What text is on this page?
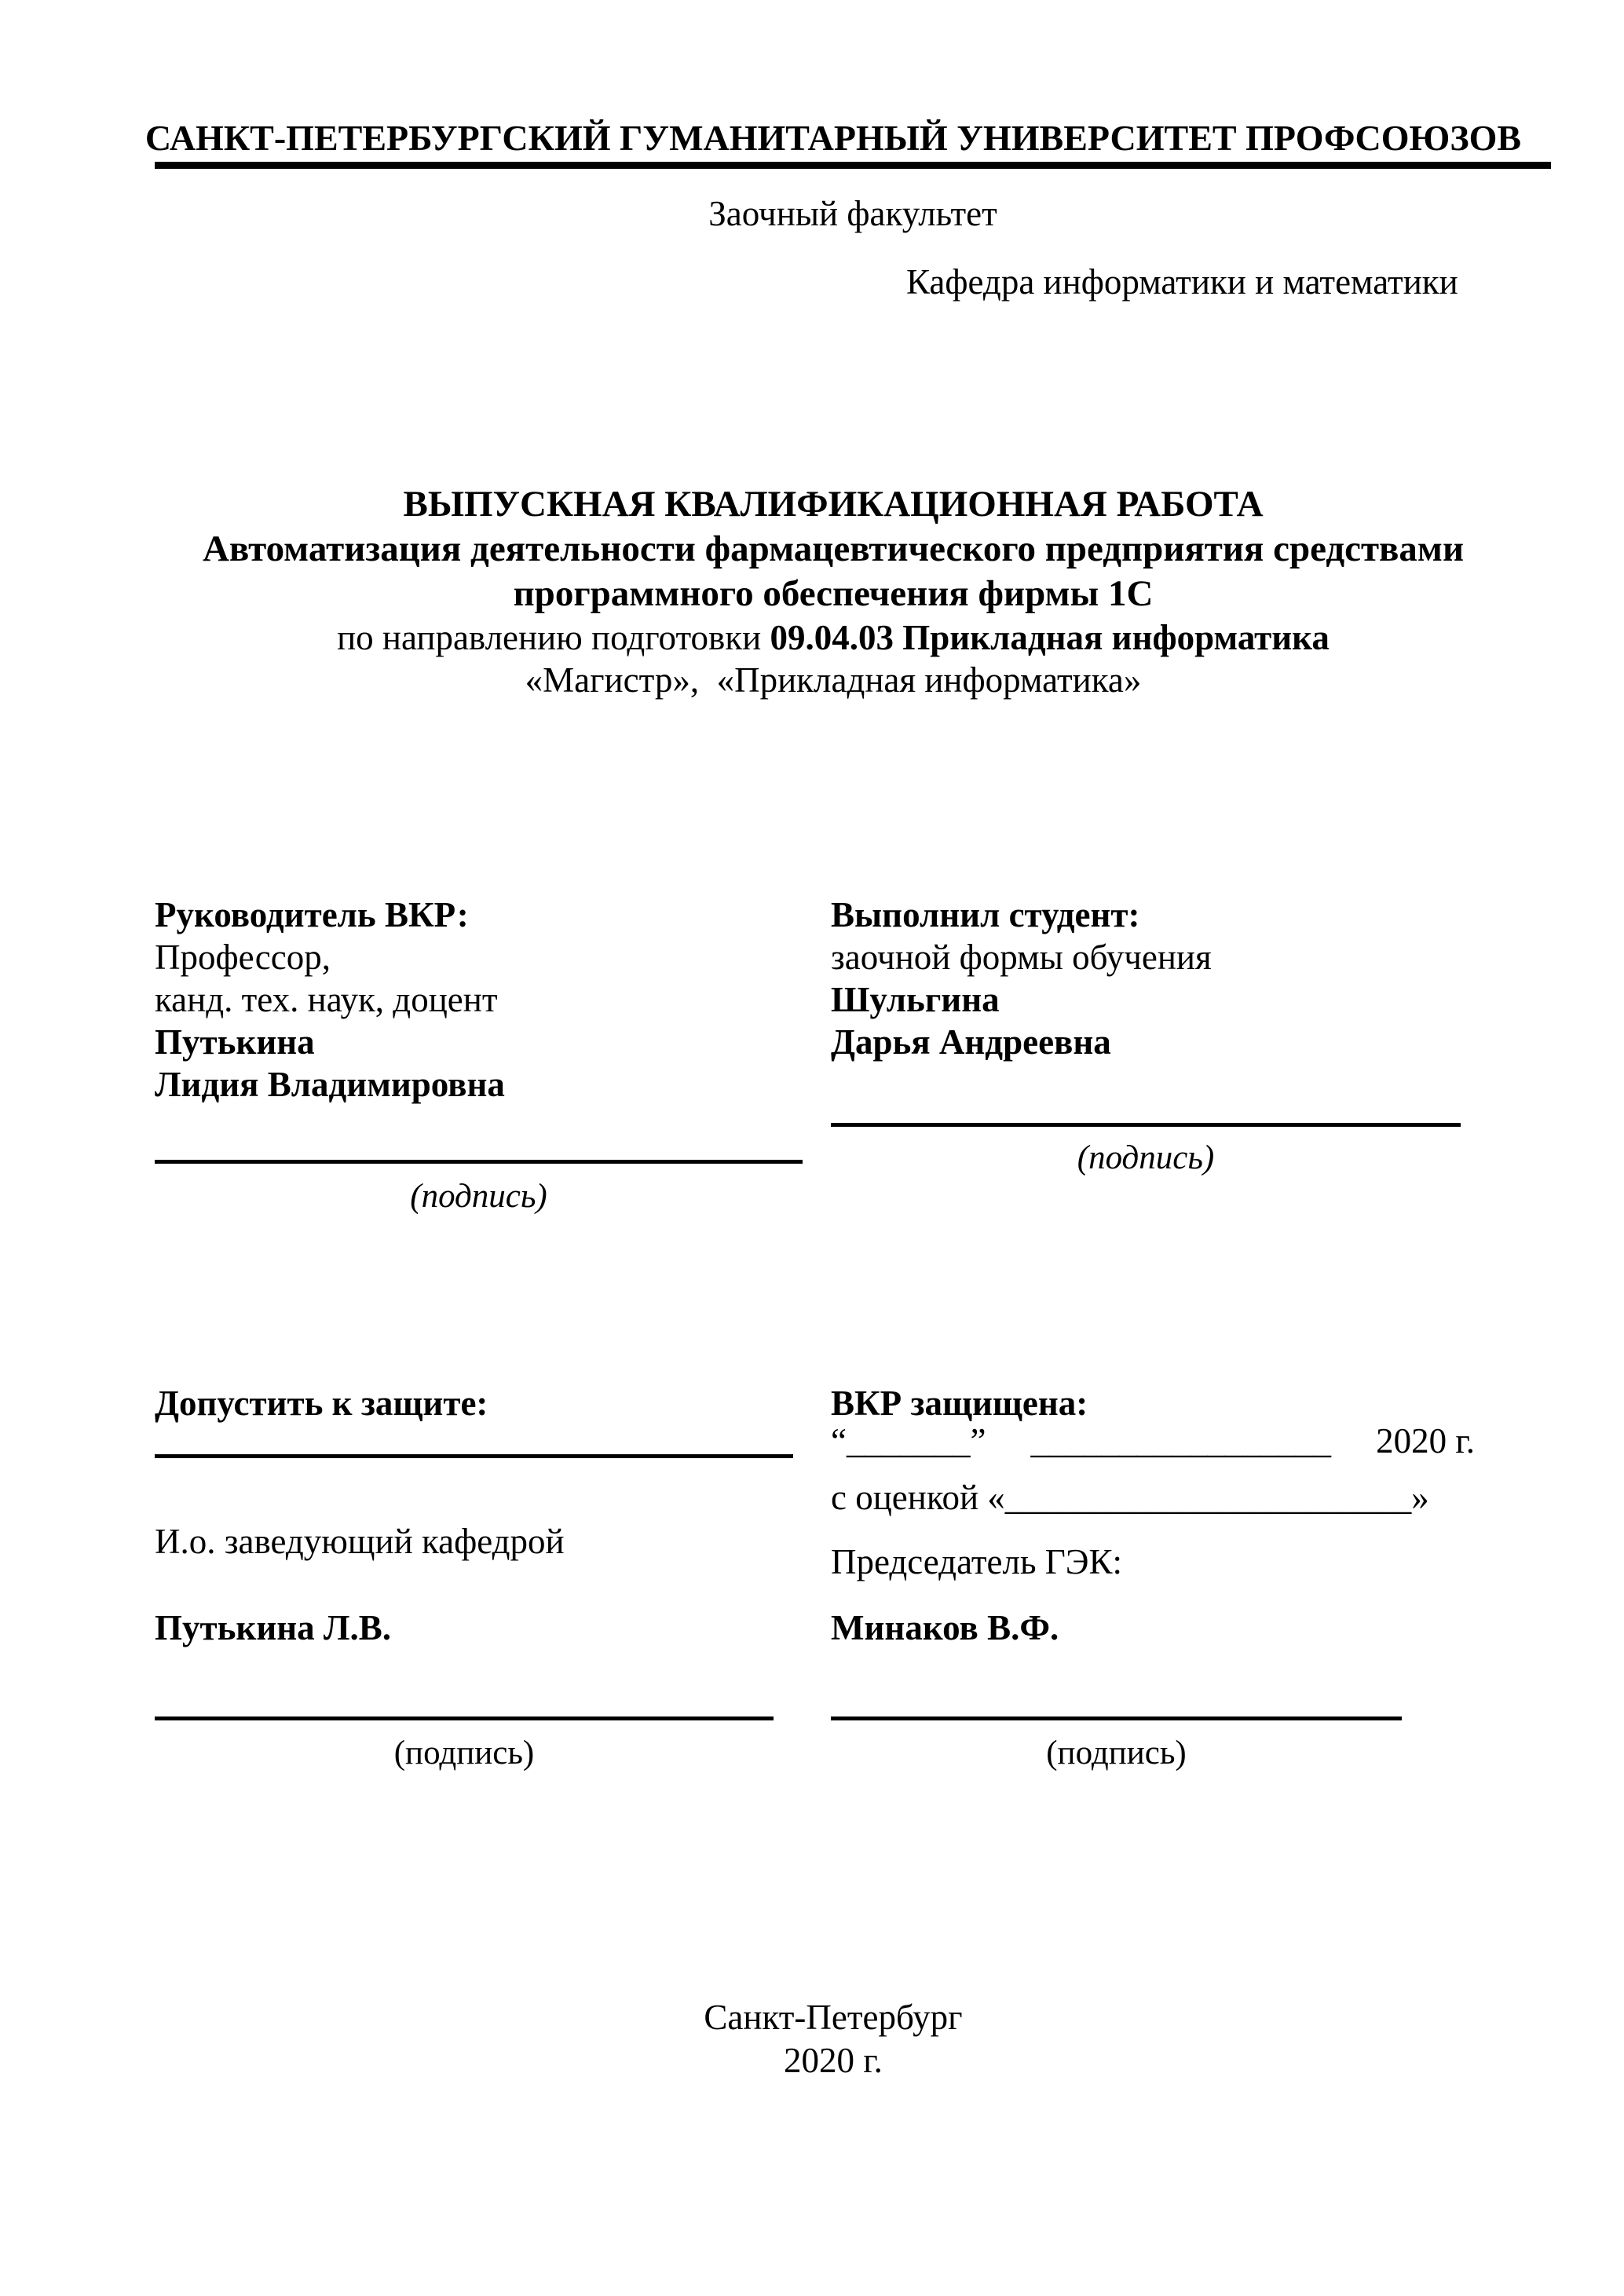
САНКТ-ПЕТЕРБУРГСКИЙ ГУМАНИТАРНЫЙ УНИВЕРСИТЕТ ПРОФСОЮЗОВ
Заочный факультет
Кафедра информатики и математики
ВЫПУСКНАЯ КВАЛИФИКАЦИОННАЯ РАБОТА
Автоматизация деятельности фармацевтического предприятия средствами
программного обеспечения фирмы 1С
по направлению подготовки 09.04.03 Прикладная информатика
«Магистр»,  «Прикладная информатика»
Руководитель ВКР:
Профессор,
канд. тех. наук, доцент
Путькина
Лидия Владимировна
Выполнил студент:
заочной формы обучения
Шульгина
Дарья Андреевна
(подпись)
(подпись)
Допустить к защите:
И.о. заведующий кафедрой
Путькина Л.В.
(подпись)
ВКР защищена:
“_______” _________________ 2020 г.
с оценкой «_______________________»
Председатель ГЭК:
Минаков В.Ф.
(подпись)
Санкт-Петербург
2020 г.
